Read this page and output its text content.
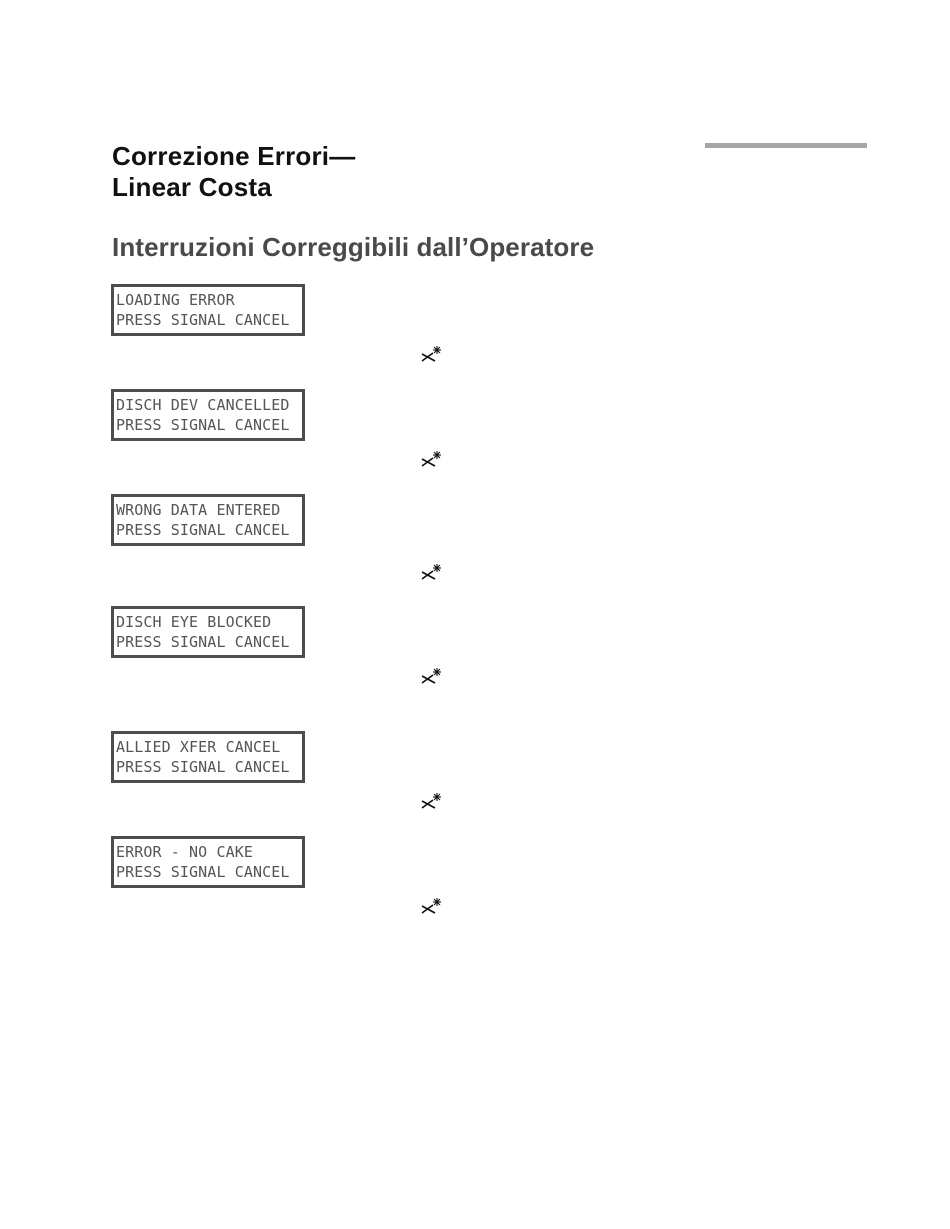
Correzione Errori—
Linear Costa
Interruzioni Correggibili dall’Operatore
LOADING ERROR
PRESS SIGNAL CANCEL
DISCH DEV CANCELLED
PRESS SIGNAL CANCEL
WRONG DATA ENTERED
PRESS SIGNAL CANCEL
DISCH EYE BLOCKED
PRESS SIGNAL CANCEL
ALLIED XFER CANCEL
PRESS SIGNAL CANCEL
ERROR - NO CAKE
PRESS SIGNAL CANCEL
